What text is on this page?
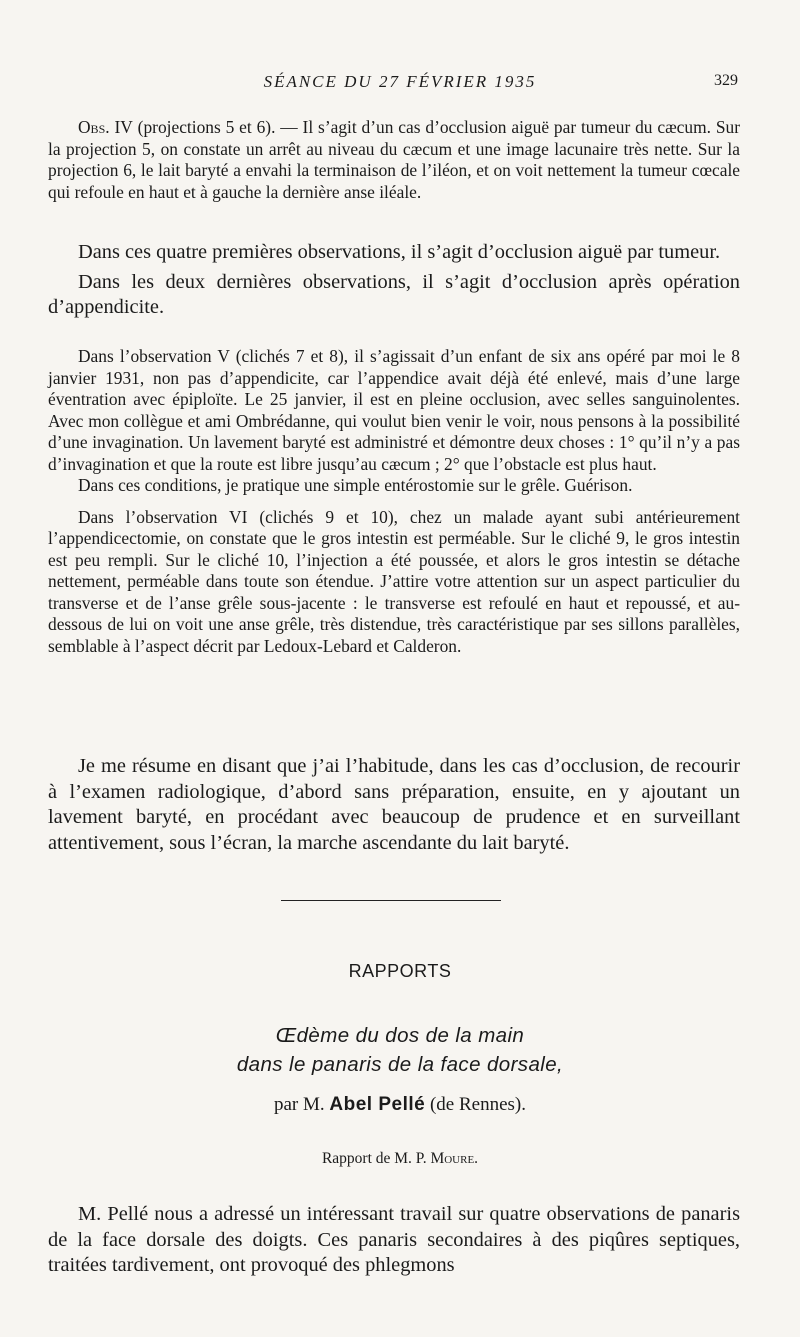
SÉANCE DU 27 FÉVRIER 1935	329

Obs. IV (projections 5 et 6). — Il s’agit d’un cas d’occlusion aiguë par tumeur du cæcum. Sur la projection 5, on constate un arrêt au niveau du cæcum et une image lacunaire très nette. Sur la projection 6, le lait baryté a envahi la terminaison de l’iléon, et on voit nettement la tumeur cœcale qui refoule en haut et à gauche la dernière anse iléale.

Dans ces quatre premières observations, il s’agit d’occlusion aiguë par tumeur.

Dans les deux dernières observations, il s’agit d’occlusion après opération d’appendicite.

Dans l’observation V (clichés 7 et 8), il s’agissait d’un enfant de six ans opéré par moi le 8 janvier 1931, non pas d’appendicite, car l’appendice avait déjà été enlevé, mais d’une large éventration avec épiploïte. Le 25 janvier, il est en pleine occlusion, avec selles sanguinolentes. Avec mon collègue et ami Ombrédanne, qui voulut bien venir le voir, nous pensons à la possibilité d’une invagination. Un lavement baryté est administré et démontre deux choses : 1° qu’il n’y a pas d’invagination et que la route est libre jusqu’au cæcum ; 2° que l’obstacle est plus haut.

Dans ces conditions, je pratique une simple entérostomie sur le grêle. Guérison.

Dans l’observation VI (clichés 9 et 10), chez un malade ayant subi antérieurement l’appendicectomie, on constate que le gros intestin est perméable. Sur le cliché 9, le gros intestin est peu rempli. Sur le cliché 10, l’injection a été poussée, et alors le gros intestin se détache nettement, perméable dans toute son étendue. J’attire votre attention sur un aspect particulier du transverse et de l’anse grêle sous-jacente : le transverse est refoulé en haut et repoussé, et au-dessous de lui on voit une anse grêle, très distendue, très caractéristique par ses sillons parallèles, semblable à l’aspect décrit par Ledoux-Lebard et Calderon.

Je me résume en disant que j’ai l’habitude, dans les cas d’occlusion, de recourir à l’examen radiologique, d’abord sans préparation, ensuite, en y ajoutant un lavement baryté, en procédant avec beaucoup de prudence et en surveillant attentivement, sous l’écran, la marche ascendante du lait baryté.

RAPPORTS
Œdème du dos de la main
dans le panaris de la face dorsale,
par M. Abel Pellé (de Rennes).
Rapport de M. P. Moure.

M. Pellé nous a adressé un intéressant travail sur quatre observations de panaris de la face dorsale des doigts. Ces panaris secondaires à des piqûres septiques, traitées tardivement, ont provoqué des phlegmons
